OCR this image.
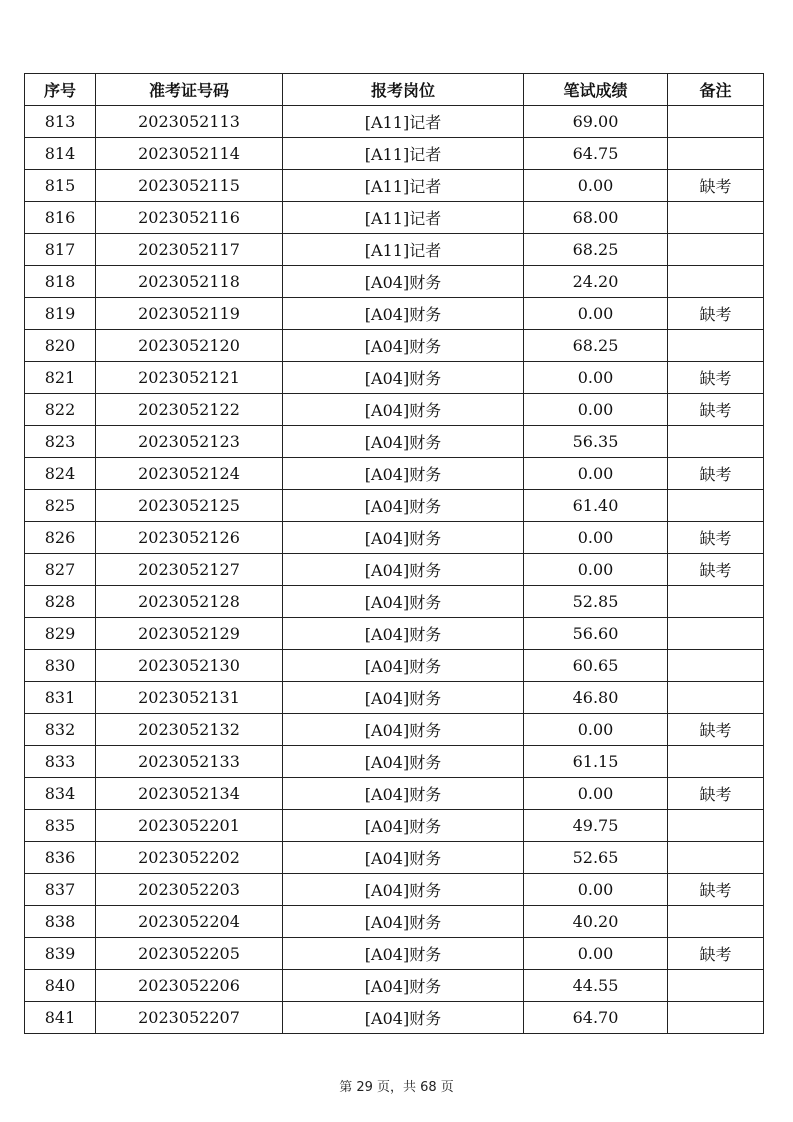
序号	准考证号码	报考岗位	笔试成绩	备注
813	2023052113	[A11]记者	69.00	
814	2023052114	[A11]记者	64.75	
815	2023052115	[A11]记者	0.00	缺考
816	2023052116	[A11]记者	68.00	
817	2023052117	[A11]记者	68.25	
818	2023052118	[A04]财务	24.20	
819	2023052119	[A04]财务	0.00	缺考
820	2023052120	[A04]财务	68.25	
821	2023052121	[A04]财务	0.00	缺考
822	2023052122	[A04]财务	0.00	缺考
823	2023052123	[A04]财务	56.35	
824	2023052124	[A04]财务	0.00	缺考
825	2023052125	[A04]财务	61.40	
826	2023052126	[A04]财务	0.00	缺考
827	2023052127	[A04]财务	0.00	缺考
828	2023052128	[A04]财务	52.85	
829	2023052129	[A04]财务	56.60	
830	2023052130	[A04]财务	60.65	
831	2023052131	[A04]财务	46.80	
832	2023052132	[A04]财务	0.00	缺考
833	2023052133	[A04]财务	61.15	
834	2023052134	[A04]财务	0.00	缺考
835	2023052201	[A04]财务	49.75	
836	2023052202	[A04]财务	52.65	
837	2023052203	[A04]财务	0.00	缺考
838	2023052204	[A04]财务	40.20	
839	2023052205	[A04]财务	0.00	缺考
840	2023052206	[A04]财务	44.55	
841	2023052207	[A04]财务	64.70	
第 29 页，共 68 页
